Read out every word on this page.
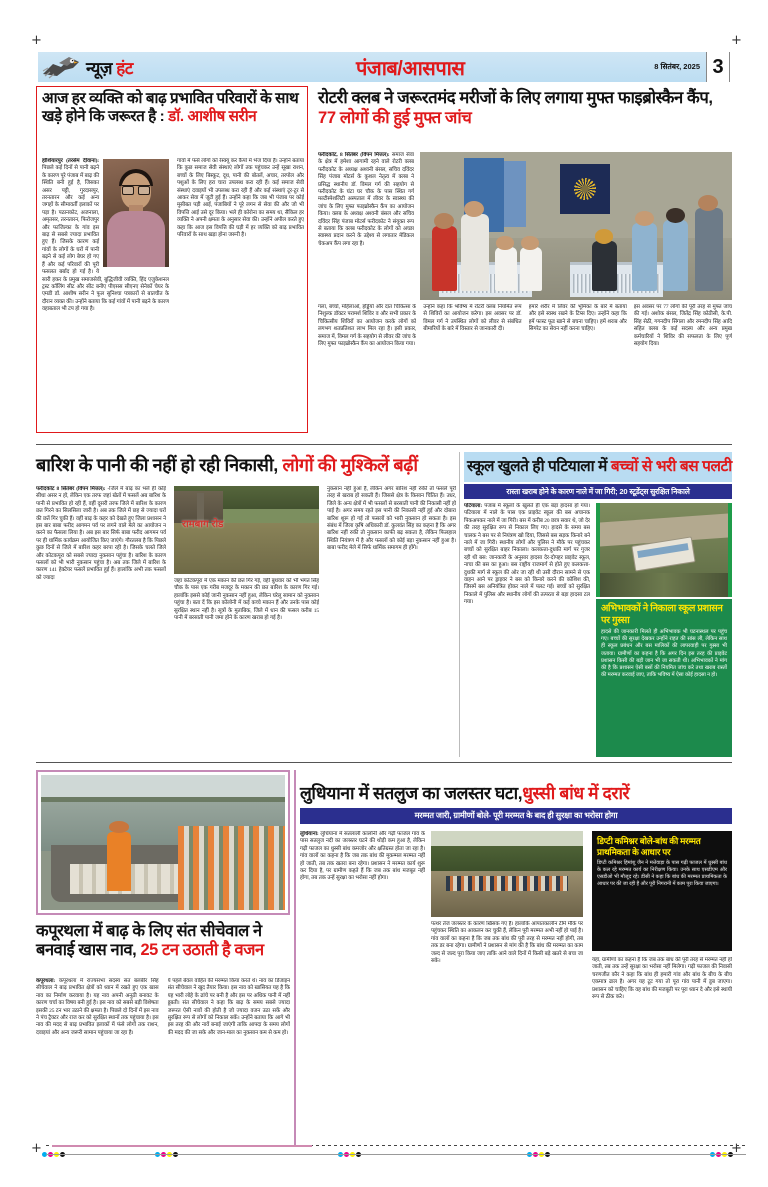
+
+
+
+
न्यूज़ हंट	पंजाब/आसपास	8 सितंबर, 2025 3
आज हर व्यक्ति को बाढ़ प्रभावित परिवारों के साथ खड़े होने कि जरूरत है : डॉ. आशीष सरीन
होशियारपुर (तरसेम दीवाना): पिछले कई दिनों से पानी बढ़ने के कारण पूरे पंजाब में बाढ़ की स्थिति बनी हुई है, जिसका असर पट्टी, गुरदासपुर, तरनतारन और कई अन्य जगहों के सीमावर्ती इलाकों पर पड़ा है। पठानकोट, अजनाला, अमृतसर, तरनतारन, फिरोजपुर और फाजिल्का के गांव इस बाढ़ से सबसे ज्यादा प्रभावित हुए हैं। जिसके कारण कई गांवों के लोगों के घरों में पानी बढ़ने से कई लोग बेघर हो गए हैं और कई परिवारों की पूरी फसलत बर्बाद हो गई है। ये सारी हकर के प्रमुख समाजसेवी, बुद्धिजीवी व्यक्ति, हिंद एजुकेशनल ट्रस्ट कॉलिंग सीट और सीट बनीए पीएसस सीएनए सेनेकों चेयर के एमडी डॉ. आशीष सरीन ने फूल सुनिश्चा पत्रकारों से बातचीत के दौरान व्यक्त की। उन्होंने बताया कि कई गांवों में पानी बढ़ने के कारण वहाबताल भी टप हो गया है।
गांवों में फंसे लोगों को रेस्क्यू कर कैंपों में भेज दिया है। उन्होंने बताया कि कुछ समाज सेवी संस्थाएं लोगों तक पहुंचकर उन्हें सूखा राशन, बच्चों के लिए बिस्कुट, दूध, पानी की बोतलें, अचार, तरपोल और पशुओं के लिए हरा चारा उपलब्ध करा रही हैं। कई समाज सेवी संस्थाएं दवाइयों भी उपलब्ध करा रही हैं और कई संस्थाएं टूर-टूर से आकर सेवा में जुटी हुई हैं। उन्होंने कहा कि जब भी पंजाब पर कोई मुसीबत पड़ी आई, पंजाबियों ने पूरे लगन से सेवा की और जो भी विपत्ति आई उसे दूर किया। भले ही कोरोना का समय था, सैकिल हर व्यक्ति ने अपनी क्षमता के अनुसार सेवा की। उन्होंने अपील करते हुए कहा कि आज इस विपत्ति की घड़ी में हर व्यक्ति को बाढ़ प्रभावित परिवारों के साथ खड़ा होना जरूरी है।
रोटरी क्लब ने जरूरतमंद मरीजों के लिए लगाया मुफ्त फाइब्रोस्कैन कैंप, 77 लोगों की हुई मुफ्त जांच
फरीदकोट, 8 सितंबर (विपन मित्तल): समाज सेवा के क्षेत्र में हमेशा आगामी रहने वाले रोटरी क्लब फरीदकोट के अध्यक्ष अश्वनी बंसल, सचिव दविंदर सिंह पंजाब मोटर्स के कुशल नेतृत्व में क्लब ने प्रसिद्ध स्थानीय डॉ. विमल गर्ग की सहयोग से फरीदकोट के घंटा घर चौक के पास स्थित गर्ग मल्टीस्पेशलिटी अस्पताल में लीवर के स्वास्थ्य की जांच के लिए मुफ्त फाइब्रोस्कैन कैंप का आयोजन किया। क्लब के अध्यक्ष अश्वनी बंसल और सचिव दविंदर सिंह पंजाब मोटर्स फरीदकोट ने संयुक्त रूप से बताया कि क्लब फरीदकोट के लोगों को अच्छा स्वास्थ्य प्रदान करने के उद्देश्य से लगातार मेडिकल चेकअप कैंप लगा रहा है।
गला, बच्चों, महिलाओं, हड्डियों और दांत चिकित्सा के निशुल्क डॉक्टर परामर्श शिविर व और सभी प्रकार के चिकित्सीय शिविरों का आयोजन करके लोगों को लगभग शतप्रतिशत लाभ मिल रहा है। इसी प्रकार, समाज में, विमल गर्ग के सहयोग से लीवर की जांच के लिए मुफ्त फाइब्रोस्कैन कैंप का आयोजन किया गया।
उन्होंने कहा कि भविष्य में रोटरी क्लब नियमित रूप से शिविरों का आयोजन करेगा। इस अवसर पर डॉ. विमल गर्ग ने उपस्थित लोगों को लीवर से संबंधित बीमारियों के बारे में विस्तार से जानकारी दी।
हमारे शरीर में लिवर की भूमिका के बारे में बताया और इसे स्वस्थ रखने के टिप्स दिए। उन्होंने कहा कि हमें फास्ट फूड खाने से बचना चाहिए। हमें शराब और सिगरेट का सेवन नहीं करना चाहिए।
इस अवसर पर 77 लोगों की पूरी तरह से मुफ्त जांच की गई। अशोक बंसल, जितेंद्र सिंह कोठीसी, के.पी. सिंह सेठी, गगनदीप सिंगला और रमनदीप सिंह आदि सहित क्लब के कई सदस्य और अन्य प्रमुख कर्मचारियों ने शिविर की सफलता के लिए पूर्ण सहयोग दिया।
बारिश के पानी की नहीं हो रही निकासी, लोगों की मुश्किलें बढ़ीं
फरीदकोट 8 सितंबर (विपन मित्तल): -जिले में बाढ़ का भले ही कोई सीधा असर न हो, लेकिन एक तरफ जहां खेतों में फसलें अब बारिश के पानी से प्रभावित हो रही हैं, वहीं दूसरी तरफ जिले में बारिश के कारण छत गिरने का सिलसिला जारी है। अब तक जिले में छह से ज्यादा घरों की छतें गिर चुकी हैं। वहीं बाढ़ के कहर को देखते हुए जिला प्रशासन ने इस बार बाबा फरीद आगमन पर्व पर लगने वाले मेले का आयोजन न करने का फैसला लिया है। अब इस बार सिर्फ बाबा फरीद आगमन पर्व पर ही धार्मिक कार्यक्रम आयोजित किए जाएंगे। गौरतलब है कि पिछले कुछ दिनों से जिले में बारिश कहर बरपा रही है। जिसके चलते जिले और कोटकपूरा को सबसे ज्यादा नुकसान पहुंचा है। बारिश के कारण फसलों को भी भारी नुकसान पहुंचा है। अब तक जिले में बारिश के कारण 141 हेक्टेयर फसलें प्रभावित हुई हैं। हालांकि अभी तक फसलों को ज्यादा
रामबाग रोड
जहां कोटकपूरा में एक मकान की छत गिर गई, वहीं बुधवार को भी भगत सिंह चौक के पास एक गरीब मजदूर के मकान की छत बारिश के कारण गिर गई। हालांकि इससे कोई जानी नुकसान नहीं हुआ, लेकिन घरेलू सामान को नुकसान पहुंचा है। बता दें कि इस कॉलोनी में कई कच्चे मकान हैं और उनके पास कोई सुरक्षित स्थान नहीं है। सूत्रों के मुताबिक, जिले में धान की फसल करीब 15 पानी में बरसाती पानी जमा होने के कारण खराब हो गई है।
नुकसान नहीं हुआ है, लेकिन अगर बारिश नहीं रुकी तो फसलें पूरी तरह से खराब हो सकती हैं। जिससे क्षेत्र के किसान चिंतित हैं। उधर, जिले के अन्य क्षेत्रों में भी फसलों से बरसाती पानी की निकासी नहीं हो पाई है। अगर समय रहते इस पानी की निकासी नहीं हुई और दोबारा बारिश शुरू हो गई तो फसलों को भारी नुकसान हो सकता है। इस संबंध में जिला कृषि अधिकारी डॉ. कुलवंत सिंह का कहना है कि अगर बारिश नहीं रुकी तो नुकसान काफी बढ़ सकता है, लेकिन फिलहाल स्थिति नियंत्रण में है और फसलों को कोई बड़ा नुकसान नहीं हुआ है। बाबा फरीद मेले में सिर्फ धार्मिक समागम ही होंगे।
स्कूल खुलते ही पटियाला में बच्चों से भरी बस पलटी
रास्ता खराब होने के कारण नाले में जा गिरी; 20 स्टूडेंट्स सुरक्षित निकाले
पटियाला: पंजाब में स्कूलों के खुलते ही एक बड़ा हादसा हो गया। पटियाला में नाले के पास एक प्राइवेट स्कूल की बस अचानक पिकअपकर नाले में जा गिरी। बस में करीब 20 छात्र सवार थे, जो देर की तरह सुरक्षित रूप से निकाल लिए गए। हादसे के समय बस चालक ने बस पर से नियंत्रण खो दिया, जिससे बस सड़क किनारे बने नाले में जा गिरी। स्थानीय लोगों और पुलिस ने मौके पर पहुंचकर बच्चों को सुरक्षित बाहर निकाला। कलकत्ता-दुधकी मार्ग पर गुजर रही थी बस: जानकारी के अनुसार हादसा देर-दोपहर प्राइवेट स्कूल, नाचा की बस का हुआ। बस राष्ट्रीय राजमार्ग से होते हुए कलकत्ता-दुधकी मार्ग से स्कूल की ओर जा रही थी उसी दौरान सामने से एक वाहन आने पर ड्राइवर ने बस को किनारे करने की कोशिश की, जिसमें बस अनियंत्रित होकर नाले में पलट गई। बच्चों को सुरक्षित निकाले में पुलिस और स्थानीय लोगों की तत्परता से बड़ा हादसा टल गया।
अभिभावकों ने निकाला स्कूल प्रशासन पर गुस्सा
हादसे की जानकारी मिलते ही अभिभावक भी घटनास्थल पर पहुंच गए। बच्चों की सुरक्षा देखकर उन्होंने राहत की सांस ली, लेकिन साथ ही स्कूल प्रबंधन और बस मालिकों की लापरवाही पर गुस्सा भी जताया। ग्रामीणों का कहना है कि अगर दिन इस तरह की प्राइवेट प्रशासन किसी की बड़ी जान भी जा सकती थी। अभिभावकों ने मांग की है कि प्रशासन ऐसी बसों की नियमित जांच करे तथा खराब रास्तों की मरम्मत करवाई जाए, ताकि भविष्य में ऐसा कोई हादसा न हो।
लुधियाना में सतलुज का जलस्तर घटा,धुस्सी बांध में दरारें
मरम्मत जारी, ग्रामीणों बोले- पूरी मरम्मत के बाद ही सुरक्षा का भरोसा होगा
लुधियाना: लुधियाना में सतलाली कालोनी और गढ़ी फाजल गांव के पास सतलुज नदी का जलस्तर घटने की थोड़ी कम हुआ है, लेकिन गढ़ी फाजल का धुस्सी बांध कमजोर और क्षतिग्रस्त होता जा रहा है। गांव वालों का कहना है कि जब तक बांध की मुकम्मल मरम्मत नहीं हो जाती, तब तक खतरा बना रहेगा। प्रशासन ने मरम्मत कार्य शुरू कर दिया है, पर ग्रामीण कहते हैं कि जब तक बांध मजबूत नहीं होगा, तब तक उन्हें सुरक्षा का भरोसा नहीं होगा।
पत्थर तेज जलस्तर के कारण खिसक गए हैं। हालांकि आपातकालीन टीमें मौके पर पहुंचकर स्थिति का आकलन कर चुकी हैं, लेकिन पूरी मरम्मत अभी नहीं हो पाई है। गांव वालों का कहना है कि जब तक बांध की पूरी तरह से मरम्मत नहीं होगी, तब तक डर बना रहेगा। ग्रामीणों ने प्रशासन से मांग की है कि बांध की मरम्मत का काम जल्द से जल्द पूरा किया जाए ताकि आने वाले दिनों में किसी बड़े खतरे से बचा जा सके।
डिप्टी कमिश्नर बोले-बांध की मरम्मत प्राथमिकता के आधार पर
डिप्टी कमिश्नर हिमांशु जैन ने मत्तेवाड़ा के पास गढ़ी फाजल में धुस्सी बांध के कल रहे मरम्मत कार्य का निरीक्षण किया। उनके साथ एसडीएम और एसडीओ भी मौजूद रहे। डीसी ने कहा कि बांध की मरम्मत प्राथमिकता के आधार पर की जा रही है और पूरी निगरानी में काम पूरा किया जाएगा।
यहां, ग्रामीणों का कहना है कि जब तक बांध की पूरी तरह से मरम्मत नहीं हो जाती, तब तक उन्हें सुरक्षा का भरोसा नहीं मिलेगा। गढ़ी फाजल की निवासी चरणजीत कौर ने कहा कि बांध ही हमारी गांव और बांध के बीच के बीच एकमात्र ढाल है। अगर यह टूट गया तो पूरा गांव पानी में डूब जाएगा। प्रशासन को चाहिए कि वह बांध की मजबूती पर पूरा ध्यान दे और इसे स्थायी रूप से ठीक करे।
कपूरथला में बाढ़ के लिए संत सीचेवाल ने बनवाई खास नाव, 25 टन उठाती है वजन
कपूरथला: कपूरथला में राज्यसभा सदस्य संत बलबीर सिंह सीचेवाल ने बाढ़ प्रभावित क्षेत्रों को ध्यान में रखते हुए एक खास नाव का निर्माण करवाया है। यह नाव अपनी अनूठी बनावट के कारण चर्चा का विषय बनी हुई है। इस नाव को सबसे बड़ी विशेषता इसकी 25 टन भार उठाने की क्षमता है। पिछले दो दिनों में इस नाव ने पंच ट्रैक्टर और राज कर को सुरक्षित स्थानों तक पहुंचाया है। इस नाव की मदद से बाढ़ प्रभावित इलाकों में फंसे लोगों तक राशन, दवाइयां और अन्य जरूरी सामान पहुंचाया जा रहा है।
ये पहले बेवल वाहित की मरम्मत किया करते थे। नाव का डिजाइन संत सीचेवाल ने खुद तैयार किया। इस नाव को खासियत यह है कि यह भारी लोहे के ढांचे पर बनी है और इस पर अधिक पानी में नहीं डूबती। संत सीचेवाल ने कहा कि बाढ़ के समय सबसे ज्यादा जरूरत ऐसी नावों की होती है जो ज्यादा वजन उठा सकें और सुरक्षित रूप से लोगों को निकाल सकें। उन्होंने बताया कि आगे भी इस तरह की और नावें बनाई जाएंगी ताकि आपदा के समय लोगों की मदद की जा सके और जान-माल का नुकसान कम से कम हो।
